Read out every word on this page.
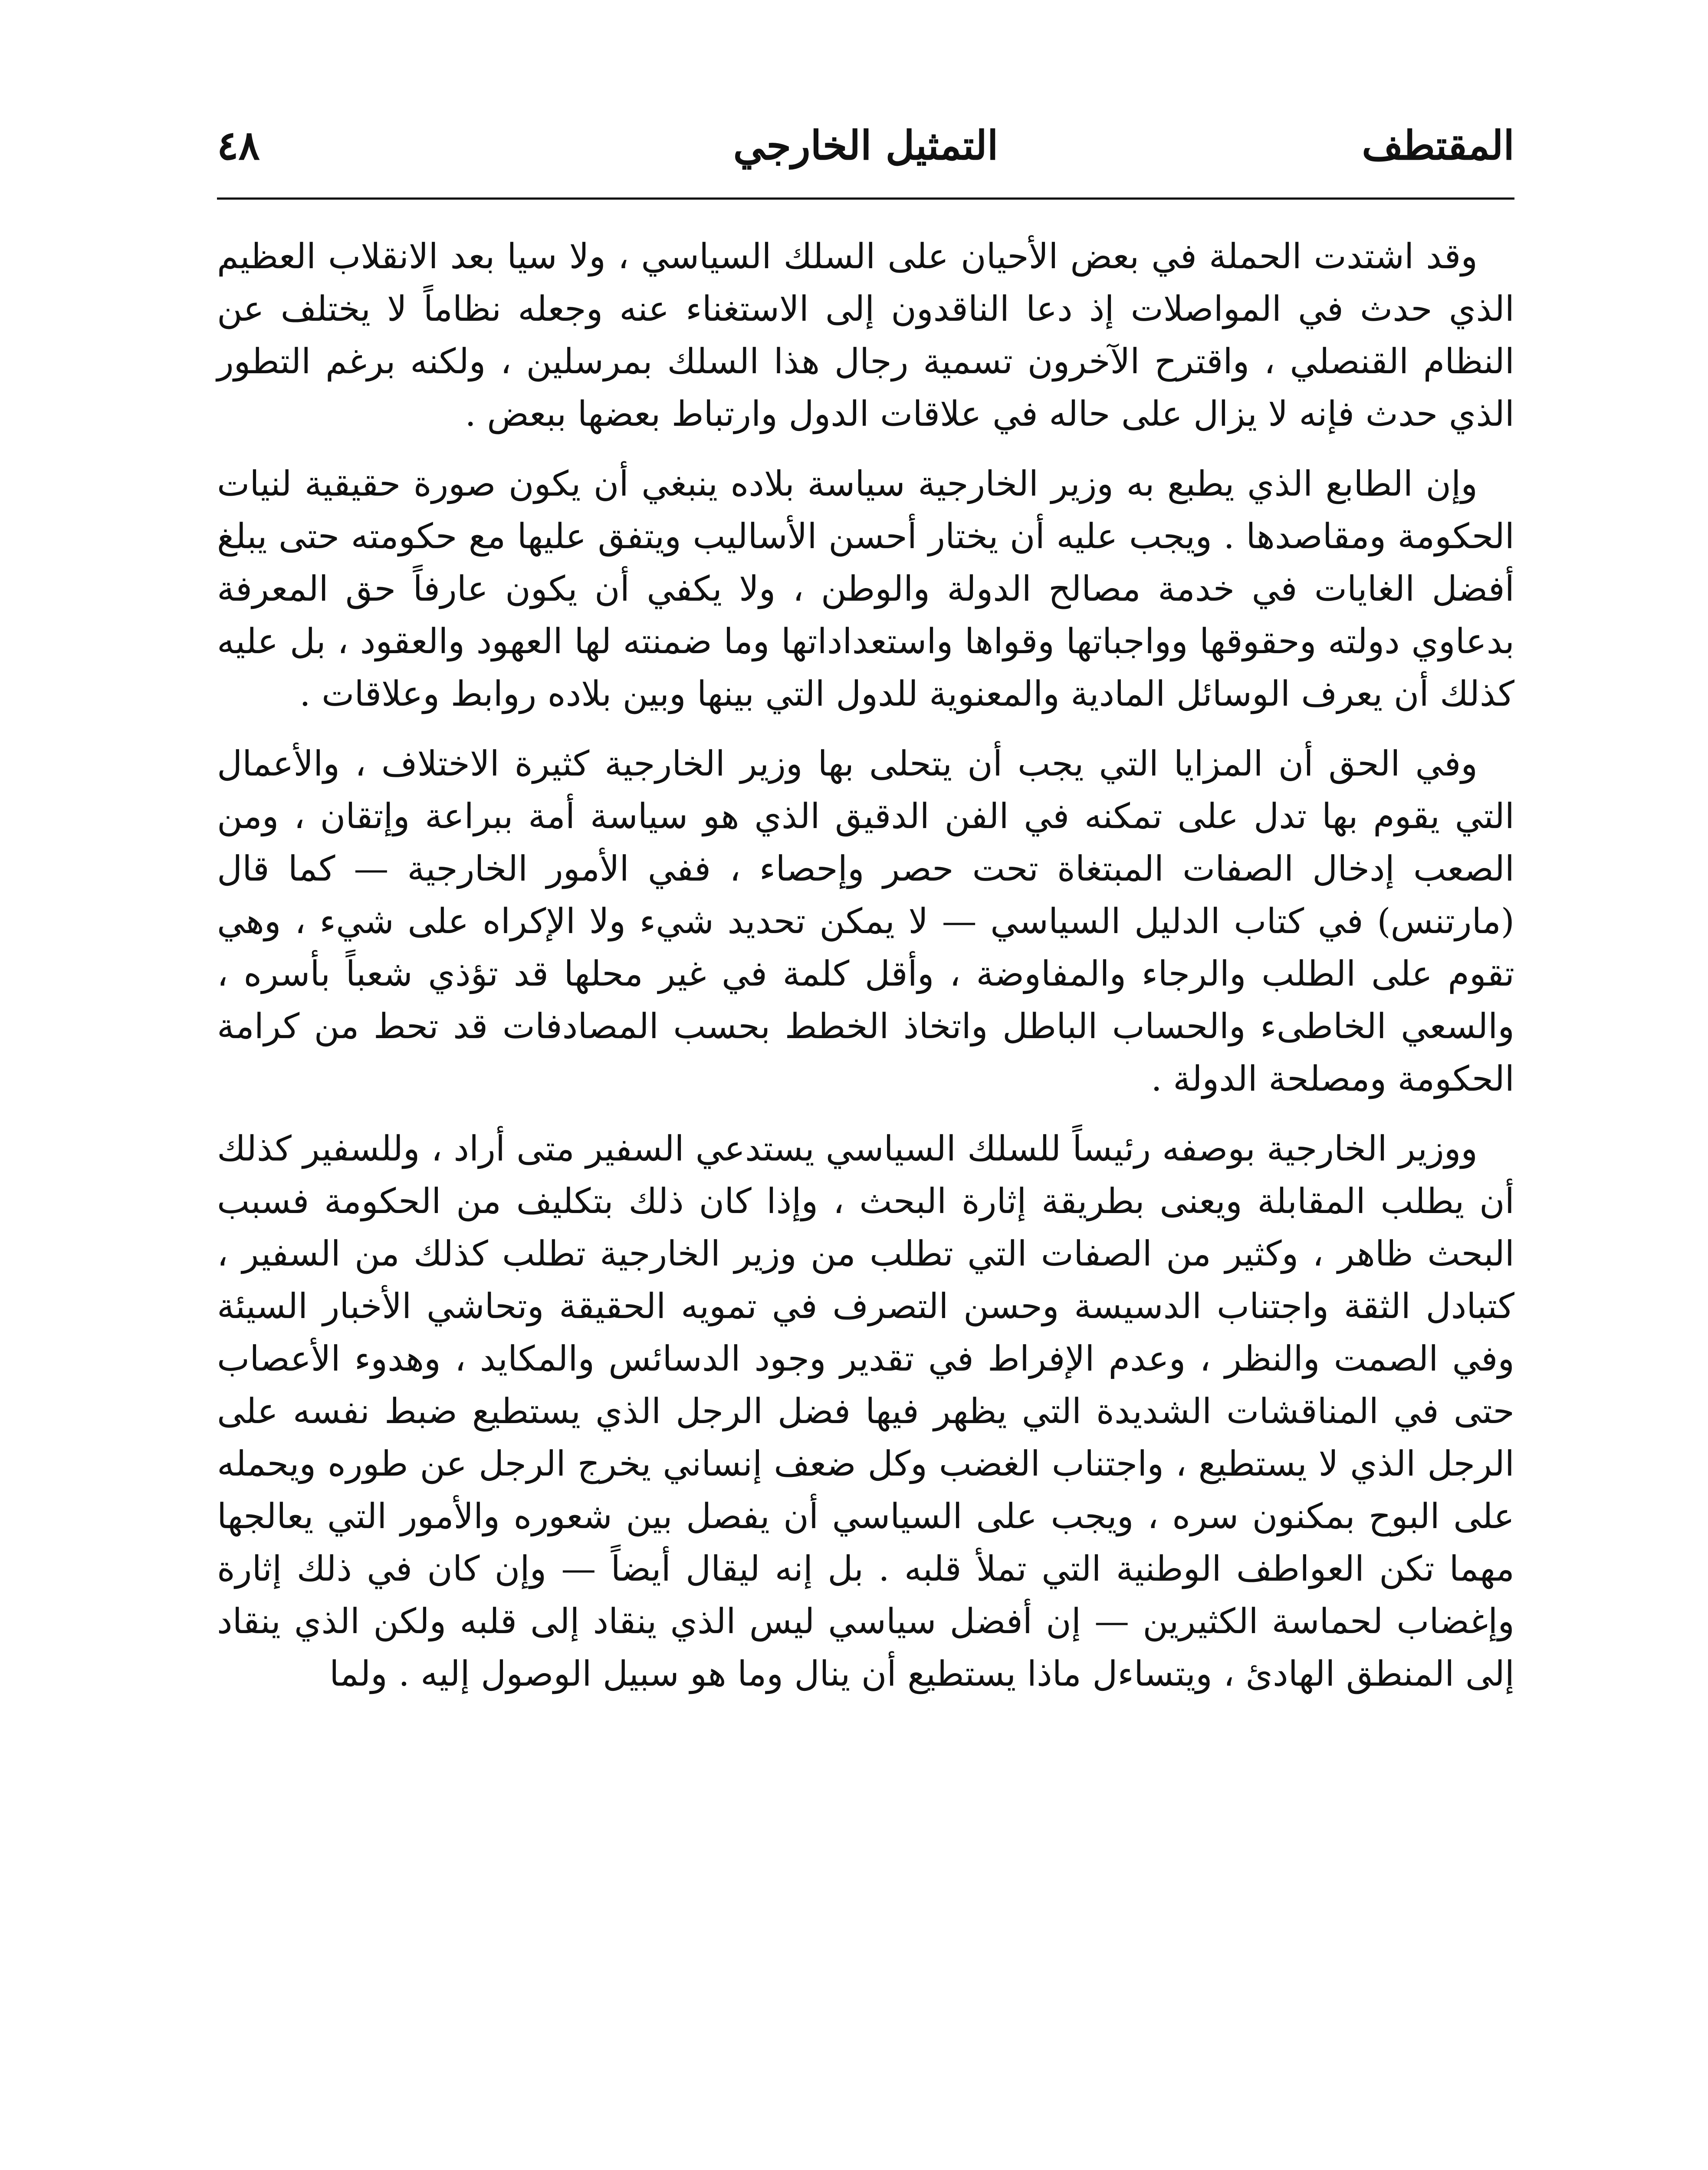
٤٨	التمثيل الخارجي	المقتطف

وقد اشتدت الحملة في بعض الأحيان على السلك السياسي ، ولا سيا بعد الانقلاب العظيم الذي حدث في المواصلات إذ دعا الناقدون إلى الاستغناء عنه وجعله نظاماً لا يختلف عن النظام القنصلي ، واقترح الآخرون تسمية رجال هذا السلك بمرسلين ، ولكنه برغم التطور الذي حدث فإنه لا يزال على حاله في علاقات الدول وارتباط بعضها ببعض .

وإن الطابع الذي يطبع به وزير الخارجية سياسة بلاده ينبغي أن يكون صورة حقيقية لنيات الحكومة ومقاصدها . ويجب عليه أن يختار أحسن الأساليب ويتفق عليها مع حكومته حتى يبلغ أفضل الغايات في خدمة مصالح الدولة والوطن ، ولا يكفي أن يكون عارفاً حق المعرفة بدعاوي دولته وحقوقها وواجباتها وقواها واستعداداتها وما ضمنته لها العهود والعقود ، بل عليه كذلك أن يعرف الوسائل المادية والمعنوية للدول التي بينها وبين بلاده روابط وعلاقات .

وفي الحق أن المزايا التي يجب أن يتحلى بها وزير الخارجية كثيرة الاختلاف ، والأعمال التي يقوم بها تدل على تمكنه في الفن الدقيق الذي هو سياسة أمة ببراعة وإتقان ، ومن الصعب إدخال الصفات المبتغاة تحت حصر وإحصاء ، ففي الأمور الخارجية — كما قال (مارتنس) في كتاب الدليل السياسي — لا يمكن تحديد شيء ولا الإكراه على شيء ، وهي تقوم على الطلب والرجاء والمفاوضة ، وأقل كلمة في غير محلها قد تؤذي شعباً بأسره ، والسعي الخاطىء والحساب الباطل واتخاذ الخطط بحسب المصادفات قد تحط من كرامة الحكومة ومصلحة الدولة .

ووزير الخارجية بوصفه رئيساً للسلك السياسي يستدعي السفير متى أراد ، وللسفير كذلك أن يطلب المقابلة ويعنى بطريقة إثارة البحث ، وإذا كان ذلك بتكليف من الحكومة فسبب البحث ظاهر ، وكثير من الصفات التي تطلب من وزير الخارجية تطلب كذلك من السفير ، كتبادل الثقة واجتناب الدسيسة وحسن التصرف في تمويه الحقيقة وتحاشي الأخبار السيئة وفي الصمت والنظر ، وعدم الإفراط في تقدير وجود الدسائس والمكايد ، وهدوء الأعصاب حتى في المناقشات الشديدة التي يظهر فيها فضل الرجل الذي يستطيع ضبط نفسه على الرجل الذي لا يستطيع ، واجتناب الغضب وكل ضعف إنساني يخرج الرجل عن طوره ويحمله على البوح بمكنون سره ، ويجب على السياسي أن يفصل بين شعوره والأمور التي يعالجها مهما تكن العواطف الوطنية التي تملأ قلبه . بل إنه ليقال أيضاً — وإن كان في ذلك إثارة وإغضاب لحماسة الكثيرين — إن أفضل سياسي ليس الذي ينقاد إلى قلبه ولكن الذي ينقاد إلى المنطق الهادئ ، ويتساءل ماذا يستطيع أن ينال وما هو سبيل الوصول إليه . ولما
